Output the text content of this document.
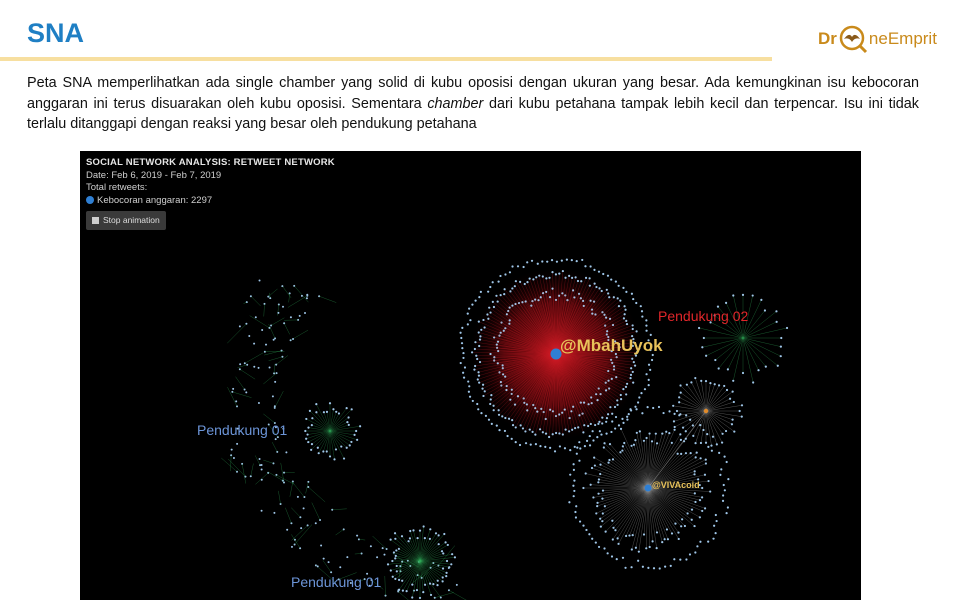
SNA	Dr neEmprit
Peta SNA memperlihatkan ada single chamber yang solid di kubu oposisi dengan ukuran yang besar. Ada kemungkinan isu kebocoran anggaran ini terus disuarakan oleh kubu oposisi. Sementara chamber dari kubu petahana tampak lebih kecil dan terpencar. Isu ini tidak terlalu ditanggapi dengan reaksi yang besar oleh pendukung petahana
SOCIAL NETWORK ANALYSIS: RETWEET NETWORK
Date: Feb 6, 2019 - Feb 7, 2019
Total retweets:
Kebocoran anggaran: 2297
Stop animation
@MbahUyok
@VIVAcoid
Pendukung 02
Pendukung 01
Pendukung 01
